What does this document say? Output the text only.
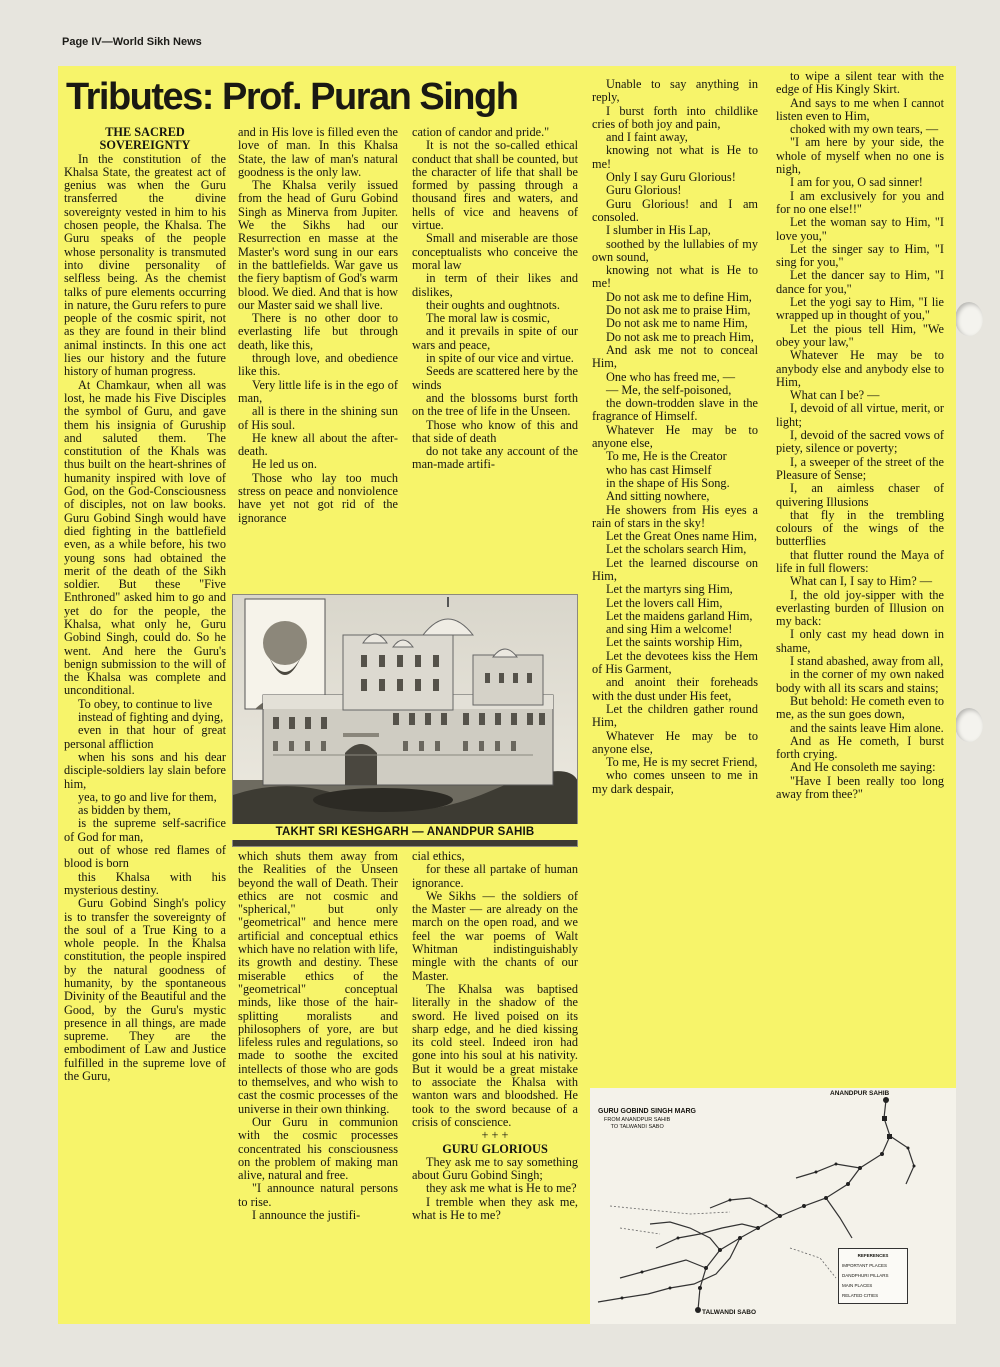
Page IV—World Sikh News
Tributes: Prof. Puran Singh
THE SACRED
SOVEREIGNTY

In the constitution of the Khalsa State, the greatest act of genius was when the Guru transferred the divine sovereignty vested in him to his chosen people, the Khalsa. The Guru speaks of the people whose personality is transmuted into divine personality of selfless being. As the chemist talks of pure elements occurring in nature, the Guru refers to pure people of the cosmic spirit, not as they are found in their blind animal instincts. In this one act lies our history and the future history of human progress.

At Chamkaur, when all was lost, he made his Five Disciples the symbol of Guru, and gave them his insignia of Guruship and saluted them. The constitution of the Khals was thus built on the heart-shrines of humanity inspired with love of God, on the God-Consciousness of disciples, not on law books. Guru Gobind Singh would have died fighting in the battlefield even, as a while before, his two young sons had obtained the merit of the death of the Sikh soldier. But these "Five Enthroned" asked him to go and yet do for the people, the Khalsa, what only he, Guru Gobind Singh, could do. So he went. And here the Guru's benign submission to the will of the Khalsa was complete and unconditional.

To obey, to continue to live

instead of fighting and dying,

even in that hour of great personal affliction

when his sons and his dear disciple-soldiers lay slain before him,

yea, to go and live for them,

as bidden by them,

is the supreme self-sacrifice of God for man,

out of whose red flames of blood is born

this Khalsa with his mysterious destiny.

Guru Gobind Singh's policy is to transfer the sovereignty of the soul of a True King to a whole people. In the Khalsa constitution, the people inspired by the natural goodness of humanity, by the spontaneous Divinity of the Beautiful and the Good, by the Guru's mystic presence in all things, are made supreme. They are the embodiment of Law and Justice fulfilled in the supreme love of the Guru,

and in His love is filled even the love of man. In this Khalsa State, the law of man's natural goodness is the only law.

The Khalsa verily issued from the head of Guru Gobind Singh as Minerva from Jupiter. We the Sikhs had our Resurrection en masse at the Master's word sung in our ears in the battlefields. War gave us the fiery baptism of God's warm blood. We died. And that is how our Master said we shall live.

There is no other door to everlasting life but through death, like this,

through love, and obedience like this.

Very little life is in the ego of man,

all is there in the shining sun of His soul.

He knew all about the after-death.

He led us on.

Those who lay too much stress on peace and nonviolence have yet not got rid of the ignorance

cation of candor and pride."

It is not the so-called ethical conduct that shall be counted, but the character of life that shall be formed by passing through a thousand fires and waters, and hells of vice and heavens of virtue.

Small and miserable are those conceptualists who conceive the moral law

in term of their likes and dislikes,

their oughts and oughtnots.

The moral law is cosmic,

and it prevails in spite of our wars and peace,

in spite of our vice and virtue.

Seeds are scattered here by the winds

and the blossoms burst forth on the tree of life in the Unseen.

Those who know of this and that side of death

do not take any account of the man-made artifi-

TAKHT SRI KESHGARH — ANANDPUR SAHIB

which shuts them away from the Realities of the Unseen beyond the wall of Death. Their ethics are not cosmic and "spherical," but only "geometrical" and hence mere artificial and conceptual ethics which have no relation with life, its growth and destiny. These miserable ethics of the "geometrical" conceptual minds, like those of the hair-splitting moralists and philosophers of yore, are but lifeless rules and regulations, so made to soothe the excited intellects of those who are gods to themselves, and who wish to cast the cosmic processes of the universe in their own thinking.

Our Guru in communion with the cosmic processes concentrated his consciousness on the problem of making man alive, natural and free.

"I announce natural persons to rise.

I announce the justifi-

cial ethics,

for these all partake of human ignorance.

We Sikhs — the soldiers of the Master — are already on the march on the open road, and we feel the war poems of Walt Whitman indistinguishably mingle with the chants of our Master.

The Khalsa was baptised literally in the shadow of the sword. He lived poised on its sharp edge, and he died kissing its cold steel. Indeed iron had gone into his soul at his nativity. But it would be a great mistake to associate the Khalsa with wanton wars and bloodshed. He took to the sword because of a crisis of conscience.

+ + +
GURU GLORIOUS

They ask me to say something about Guru Gobind Singh;

they ask me what is He to me?

I tremble when they ask me, what is He to me?

Unable to say anything in reply,

I burst forth into childlike cries of both joy and pain,

and I faint away,

knowing not what is He to me!

Only I say Guru Glorious!

Guru Glorious!

Guru Glorious! and I am consoled.

I slumber in His Lap,

soothed by the lullabies of my own sound,

knowing not what is He to me!

Do not ask me to define Him,

Do not ask me to praise Him,

Do not ask me to name Him,

Do not ask me to preach Him,

And ask me not to conceal Him,

One who has freed me, —

— Me, the self-poisoned,

the down-trodden slave in the fragrance of Himself.

Whatever He may be to anyone else,

To me, He is the Creator

who has cast Himself

in the shape of His Song.

And sitting nowhere,

He showers from His eyes a rain of stars in the sky!

Let the Great Ones name Him,

Let the scholars search Him,

Let the learned discourse on Him,

Let the martyrs sing Him,

Let the lovers call Him,

Let the maidens garland Him,

and sing Him a welcome!

Let the saints worship Him,

Let the devotees kiss the Hem of His Garment,

and anoint their foreheads with the dust under His feet,

Let the children gather round Him,

Whatever He may be to anyone else,

To me, He is my secret Friend,

who comes unseen to me in my dark despair,

to wipe a silent tear with the edge of His Kingly Skirt.

And says to me when I cannot listen even to Him,

choked with my own tears, —

"I am here by your side, the whole of myself when no one is nigh,

I am for you, O sad sinner!

I am exclusively for you and for no one else!!"

Let the woman say to Him, "I love you,"

Let the singer say to Him, "I sing for you,"

Let the dancer say to Him, "I dance for you,"

Let the yogi say to Him, "I lie wrapped up in thought of you,"

Let the pious tell Him, "We obey your law,"

Whatever He may be to anybody else and anybody else to Him,

What can I be? —

I, devoid of all virtue, merit, or light;

I, devoid of the sacred vows of piety, silence or poverty;

I, a sweeper of the street of the Pleasure of Sense;

I, an aimless chaser of quivering Illusions

that fly in the trembling colours of the wings of the butterflies

that flutter round the Maya of life in full flowers:

What can I, I say to Him? —

I, the old joy-sipper with the everlasting burden of Illusion on my back:

I only cast my head down in shame,

I stand abashed, away from all,

in the corner of my own naked body with all its scars and stains;

But behold: He cometh even to me, as the sun goes down,

and the saints leave Him alone.

And as He cometh, I burst forth crying.

And He consoleth me saying:

"Have I been really too long away from thee?"

GURU GOBIND SINGH MARG
FROM ANANDPUR SAHIB
TO TALWANDI SABO
ANANDPUR SAHIB
TALWANDI SABO
REFERENCES
IMPORTANT PLACES
DANDPHURI PILLARS
MAIN PLACES
RELATED CITIES
